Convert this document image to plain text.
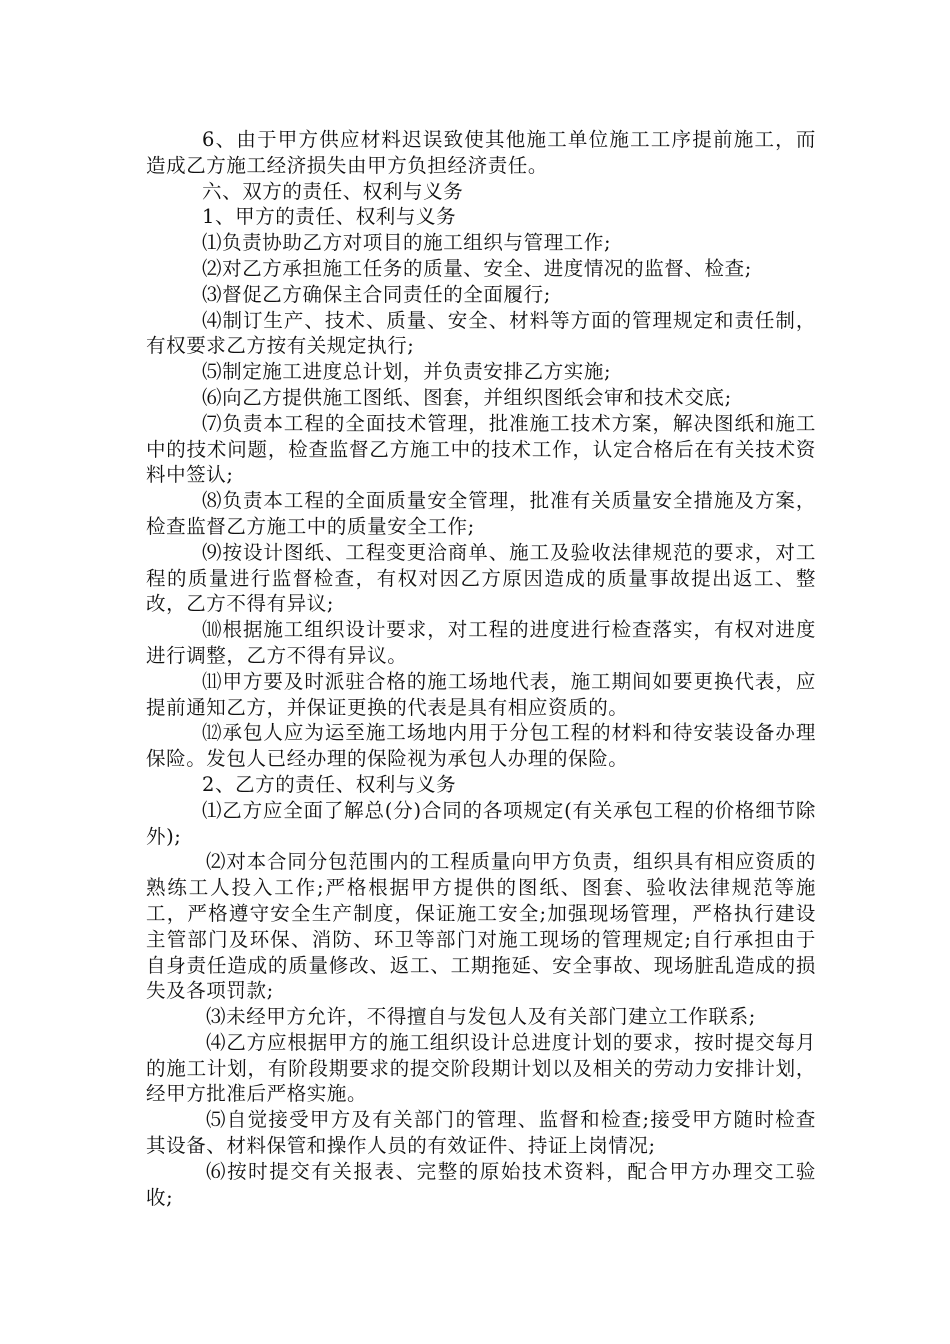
6、由于甲方供应材料迟误致使其他施工单位施工工序提前施工，而造成乙方施工经济损失由甲方负担经济责任。

六、双方的责任、权利与义务

1、甲方的责任、权利与义务

⑴负责协助乙方对项目的施工组织与管理工作;

⑵对乙方承担施工任务的质量、安全、进度情况的监督、检查;

⑶督促乙方确保主合同责任的全面履行;

⑷制订生产、技术、质量、安全、材料等方面的管理规定和责任制，有权要求乙方按有关规定执行;

⑸制定施工进度总计划，并负责安排乙方实施;

⑹向乙方提供施工图纸、图套，并组织图纸会审和技术交底;

⑺负责本工程的全面技术管理，批准施工技术方案，解决图纸和施工中的技术问题，检查监督乙方施工中的技术工作，认定合格后在有关技术资料中签认;

⑻负责本工程的全面质量安全管理，批准有关质量安全措施及方案，检查监督乙方施工中的质量安全工作;

⑼按设计图纸、工程变更洽商单、施工及验收法律规范的要求，对工程的质量进行监督检查，有权对因乙方原因造成的质量事故提出返工、整改，乙方不得有异议;

⑽根据施工组织设计要求，对工程的进度进行检查落实，有权对进度进行调整，乙方不得有异议。

⑾甲方要及时派驻合格的施工场地代表，施工期间如要更换代表，应提前通知乙方，并保证更换的代表是具有相应资质的。

⑿承包人应为运至施工场地内用于分包工程的材料和待安装设备办理保险。发包人已经办理的保险视为承包人办理的保险。

2、乙方的责任、权利与义务

⑴乙方应全面了解总(分)合同的各项规定(有关承包工程的价格细节除外);

⑵对本合同分包范围内的工程质量向甲方负责，组织具有相应资质的熟练工人投入工作;严格根据甲方提供的图纸、图套、验收法律规范等施工，严格遵守安全生产制度，保证施工安全;加强现场管理，严格执行建设主管部门及环保、消防、环卫等部门对施工现场的管理规定;自行承担由于自身责任造成的质量修改、返工、工期拖延、安全事故、现场脏乱造成的损失及各项罚款;

⑶未经甲方允许，不得擅自与发包人及有关部门建立工作联系;

⑷乙方应根据甲方的施工组织设计总进度计划的要求，按时提交每月的施工计划，有阶段期要求的提交阶段期计划以及相关的劳动力安排计划，经甲方批准后严格实施。

⑸自觉接受甲方及有关部门的管理、监督和检查;接受甲方随时检查其设备、材料保管和操作人员的有效证件、持证上岗情况;

⑹按时提交有关报表、完整的原始技术资料，配合甲方办理交工验收;
